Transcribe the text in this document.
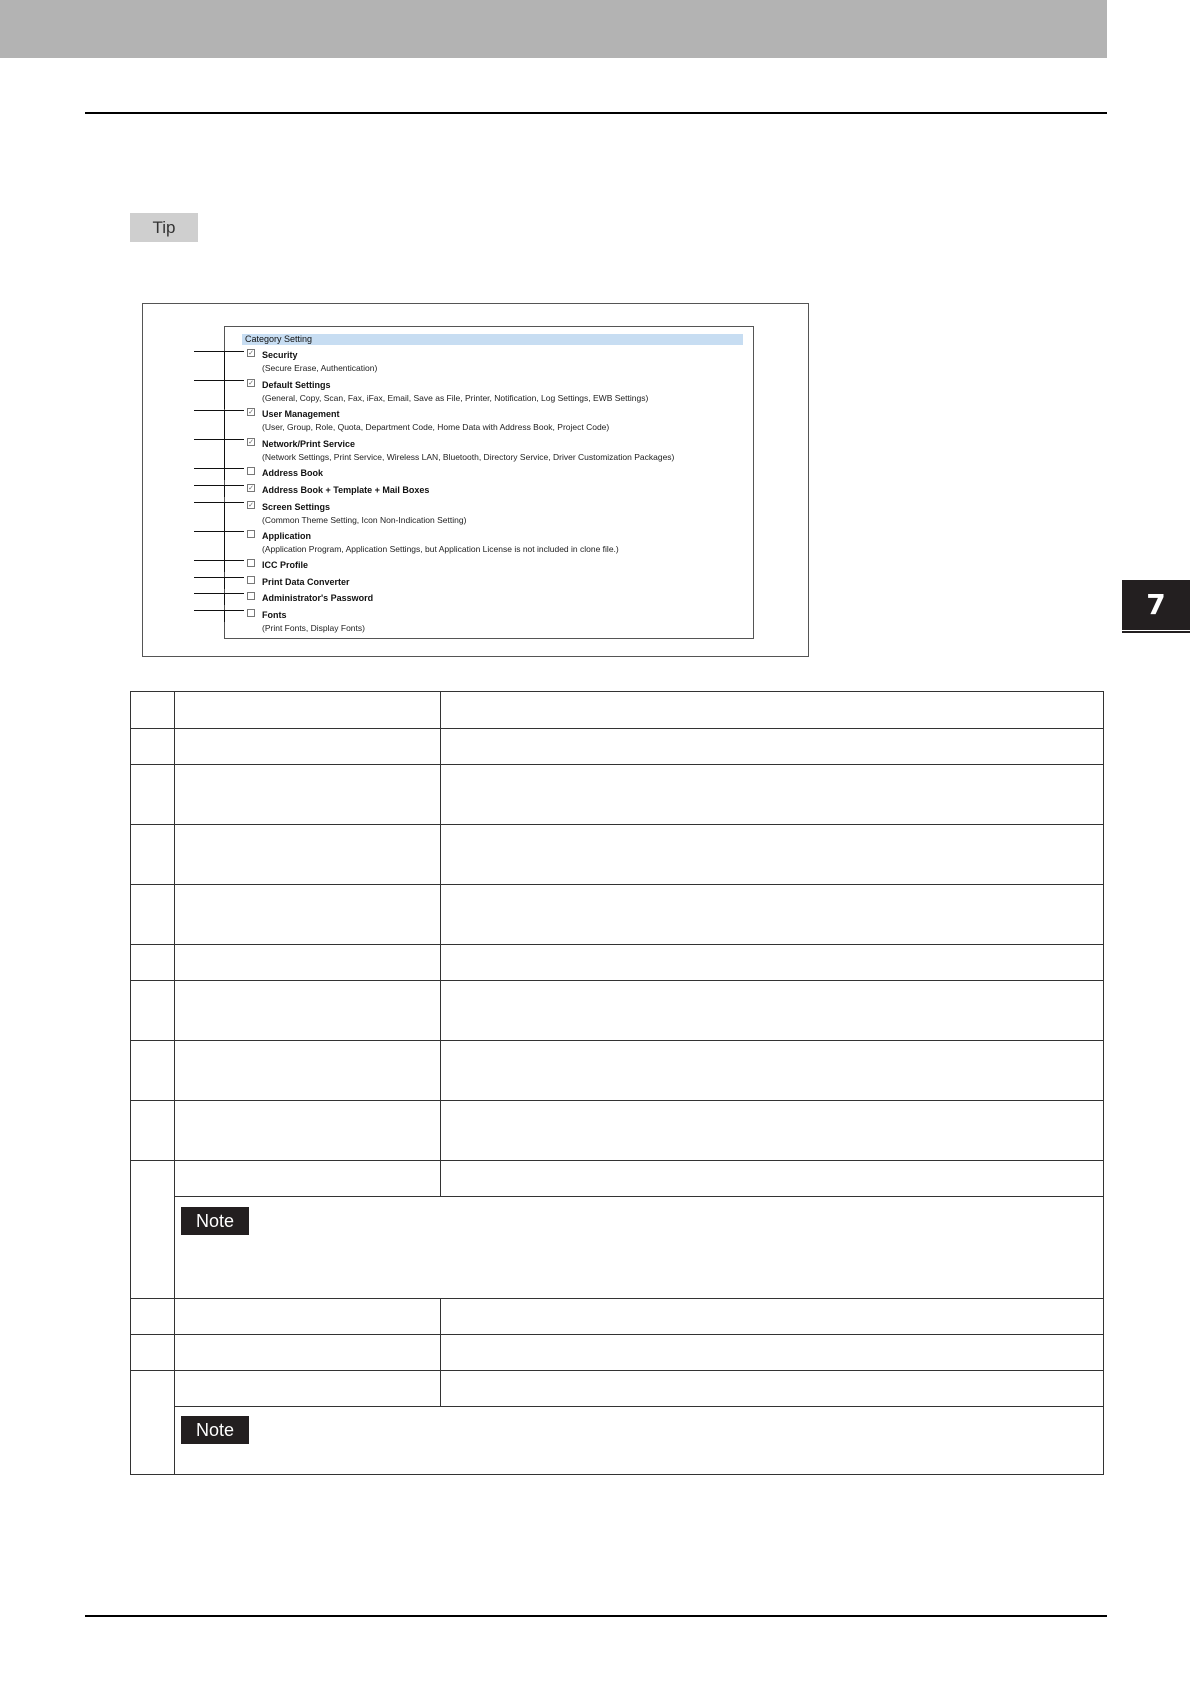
Tip
7
Category Setting
✓ Security
(Secure Erase, Authentication)
✓ Default Settings
(General, Copy, Scan, Fax, iFax, Email, Save as File, Printer, Notification, Log Settings, EWB Settings)
✓ User Management
(User, Group, Role, Quota, Department Code, Home Data with Address Book, Project Code)
✓ Network/Print Service
(Network Settings, Print Service, Wireless LAN, Bluetooth, Directory Service, Driver Customization Packages)
Address Book
✓ Address Book + Template + Mail Boxes
✓ Screen Settings
(Common Theme Setting, Icon Non-Indication Setting)
Application
(Application Program, Application Settings, but Application License is not included in clone file.)
ICC Profile
Print Data Converter
Administrator's Password
Fonts
(Print Fonts, Display Fonts)
Note
Note
